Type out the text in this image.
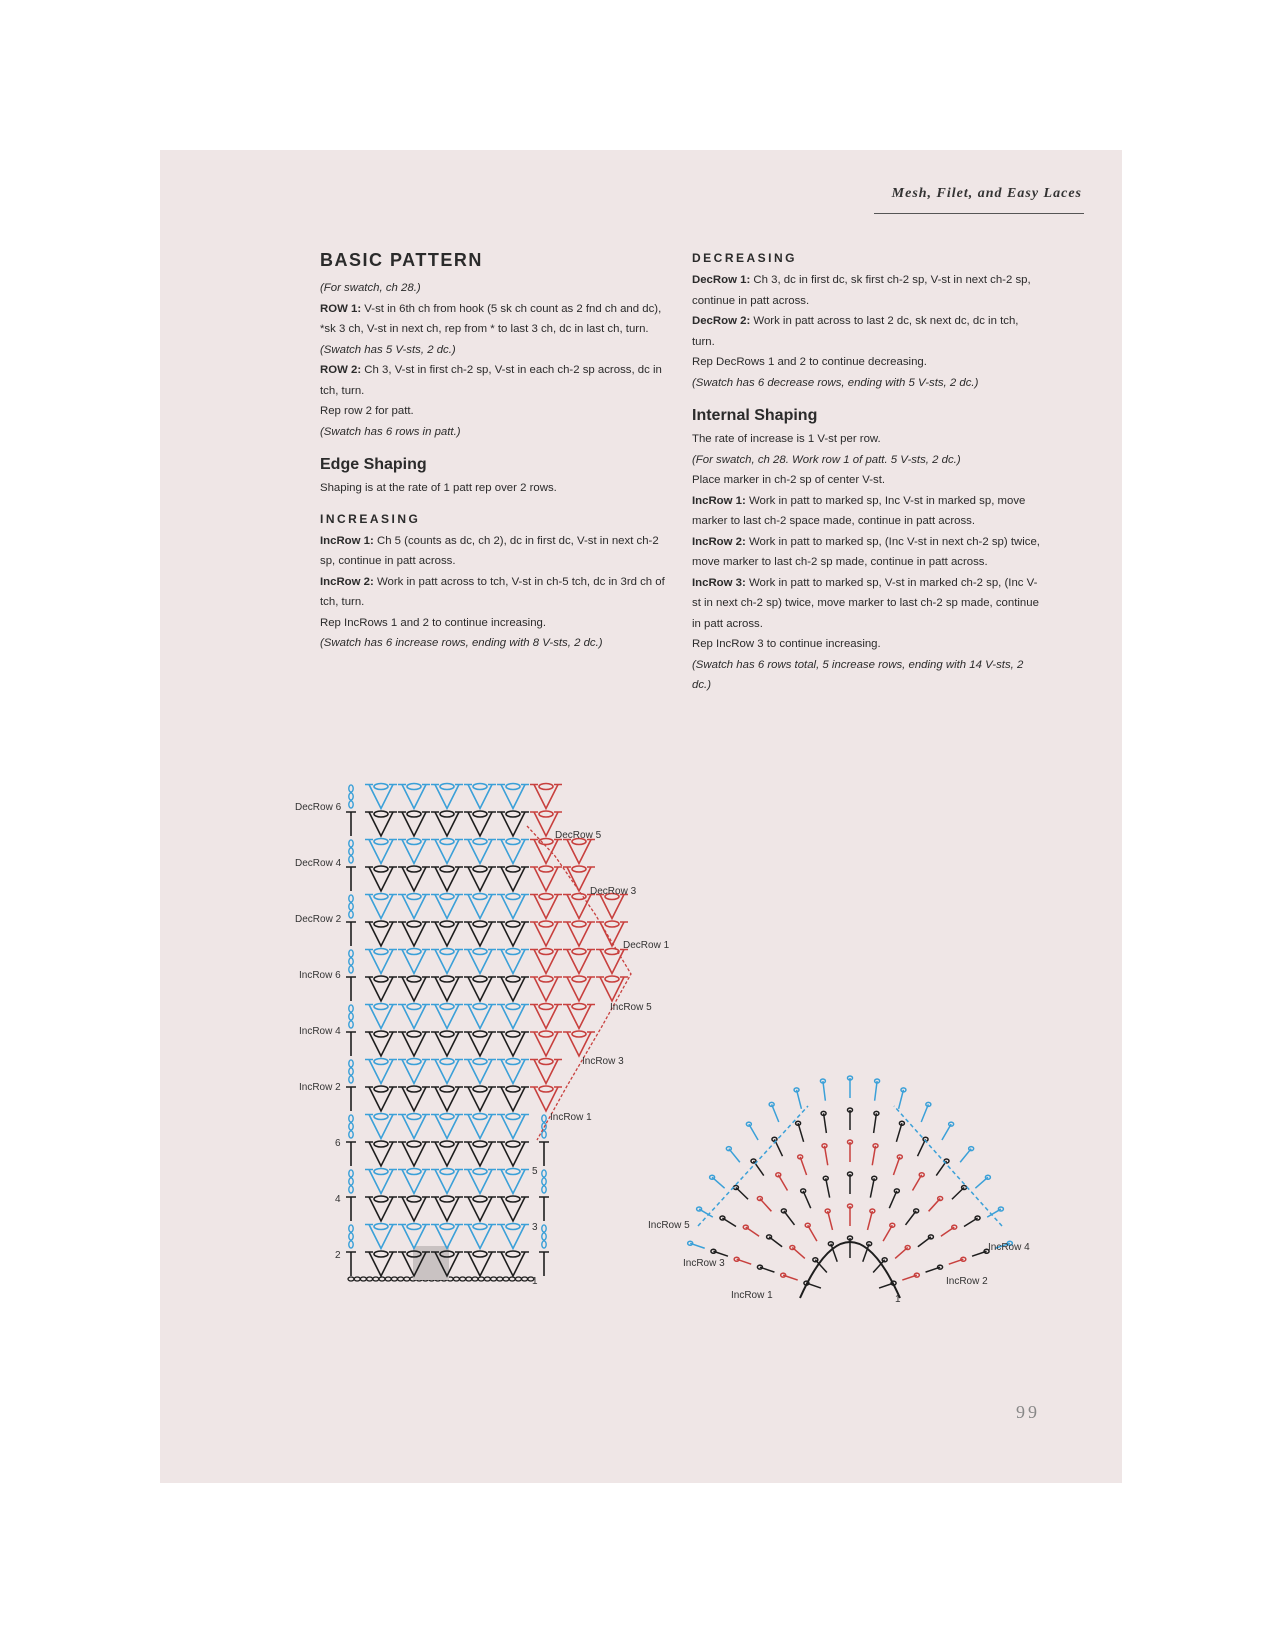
Mesh, Filet, and Easy Laces
BASIC PATTERN

(For swatch, ch 28.)

ROW 1: V-st in 6th ch from hook (5 sk ch count as 2 fnd ch and dc), *sk 3 ch, V-st in next ch, rep from * to last 3 ch, dc in last ch, turn.

(Swatch has 5 V-sts, 2 dc.)

ROW 2: Ch 3, V-st in first ch-2 sp, V-st in each ch-2 sp across, dc in tch, turn.

Rep row 2 for patt.

(Swatch has 6 rows in patt.)

Edge Shaping

Shaping is at the rate of 1 patt rep over 2 rows.

INCREASING

IncRow 1: Ch 5 (counts as dc, ch 2), dc in first dc, V-st in next ch-2 sp, continue in patt across.

IncRow 2: Work in patt across to tch, V-st in ch-5 tch, dc in 3rd ch of tch, turn.

Rep IncRows 1 and 2 to continue increasing.

(Swatch has 6 increase rows, ending with 8 V-sts, 2 dc.)

DECREASING

DecRow 1: Ch 3, dc in first dc, sk first ch-2 sp, V-st in next ch-2 sp, continue in patt across.

DecRow 2: Work in patt across to last 2 dc, sk next dc, dc in tch, turn.

Rep DecRows 1 and 2 to continue decreasing.

(Swatch has 6 decrease rows, ending with 5 V-sts, 2 dc.)

Internal Shaping

The rate of increase is 1 V-st per row.

(For swatch, ch 28. Work row 1 of patt. 5 V-sts, 2 dc.)

Place marker in ch-2 sp of center V-st.

IncRow 1: Work in patt to marked sp, Inc V-st in marked sp, move marker to last ch-2 space made, continue in patt across.

IncRow 2: Work in patt to marked sp, (Inc V-st in next ch-2 sp) twice, move marker to last ch-2 sp made, continue in patt across.

IncRow 3: Work in patt to marked sp, V-st in marked ch-2 sp, (Inc V-st in next ch-2 sp) twice, move marker to last ch-2 sp made, continue in patt across.

Rep IncRow 3 to continue increasing.

(Swatch has 6 rows total, 5 increase rows, ending with 14 V-sts, 2 dc.)

DecRow 6
DecRow 4
DecRow 2
IncRow 6
IncRow 4
IncRow 2
6
4
2
DecRow 5
DecRow 3
DecRow 1
IncRow 5
IncRow 3
IncRow 1
5
3
1
IncRow 5
IncRow 4
IncRow 3
IncRow 2
IncRow 1	1
99
